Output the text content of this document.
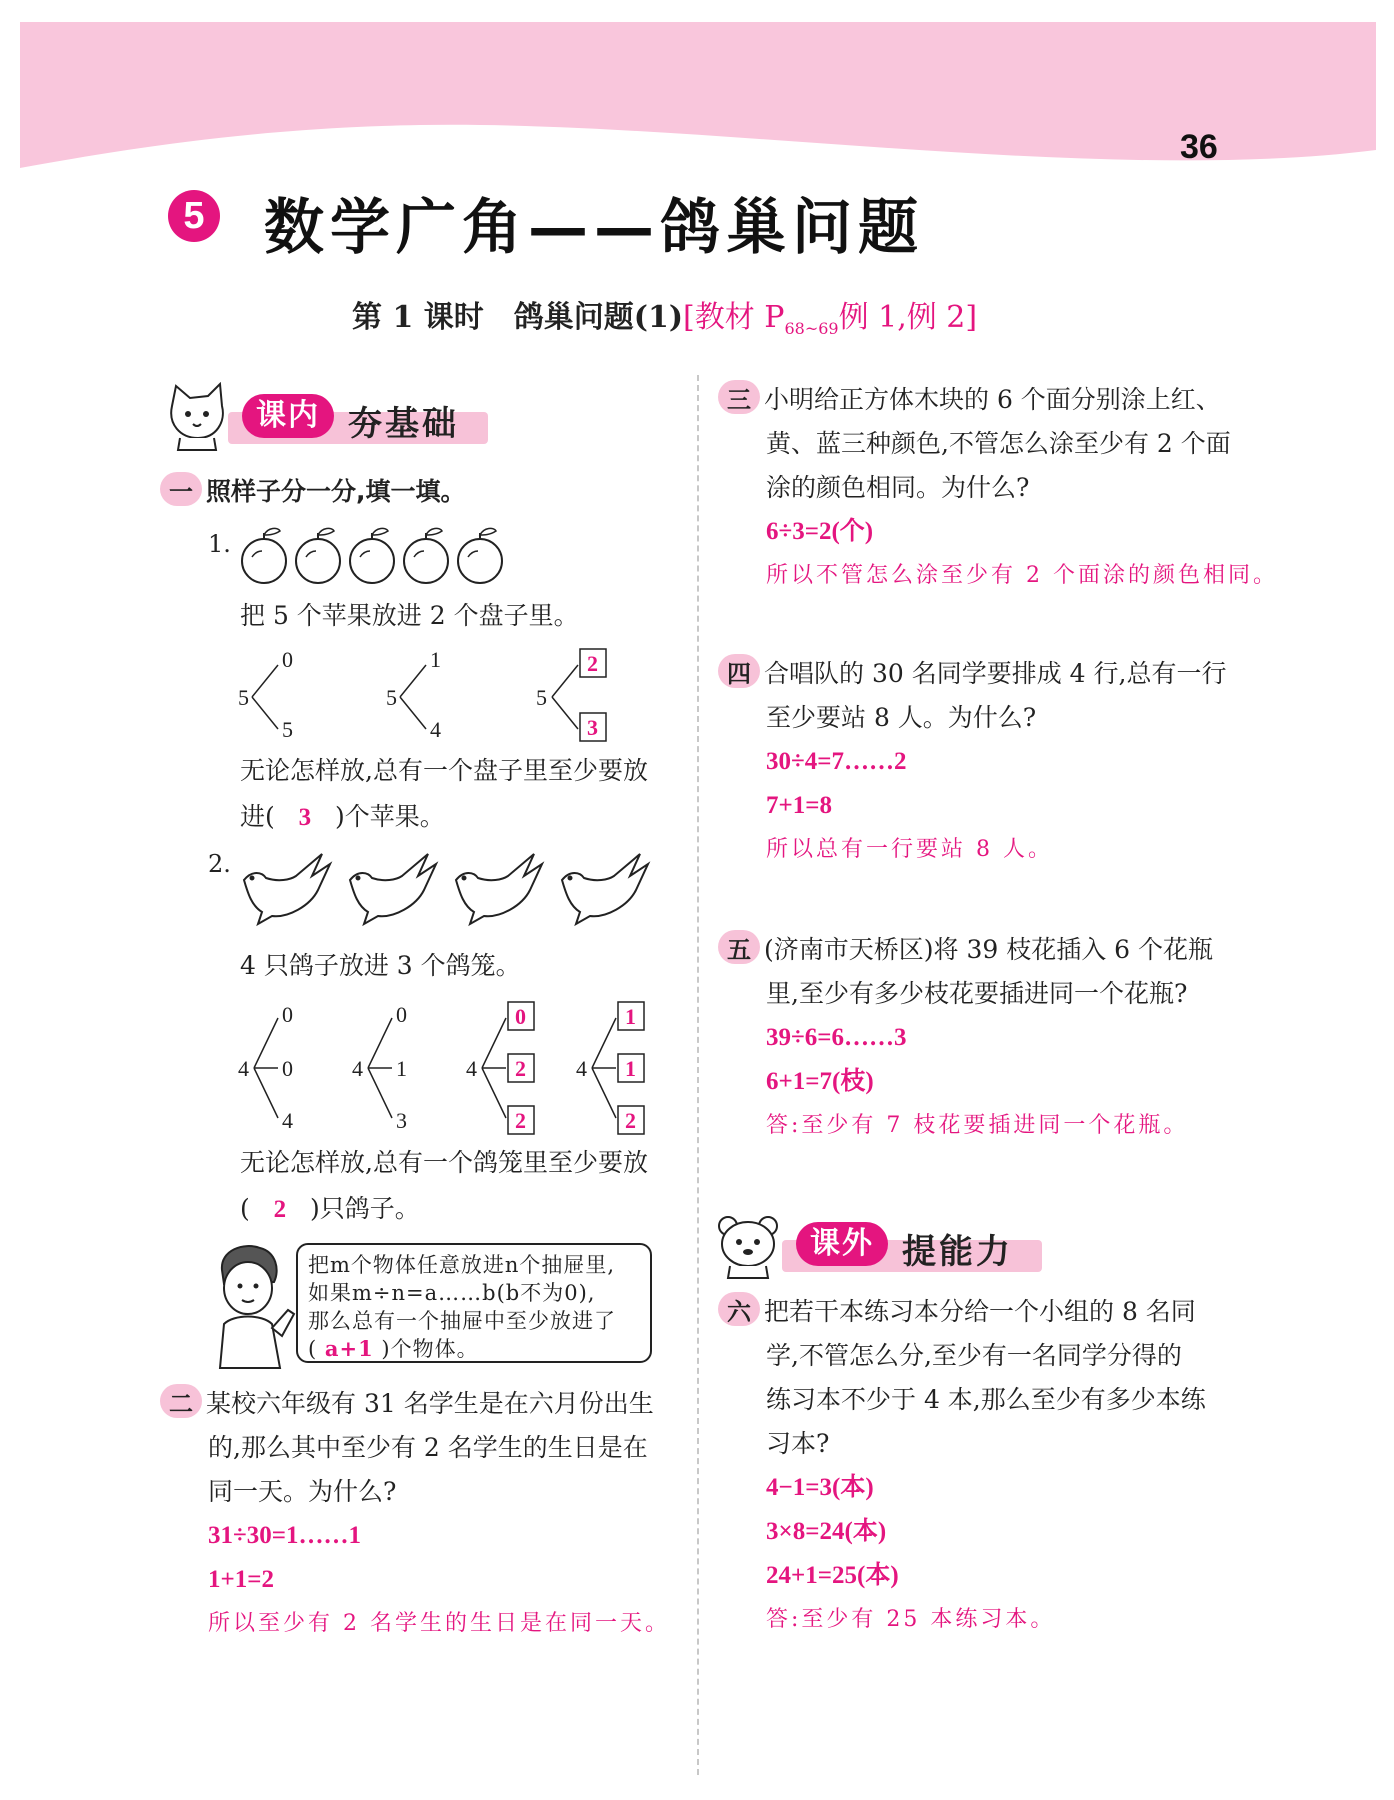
36
5 数学广角——鸽巢问题
第 1 课时　鸽巢问题(1)[教材 $P_{68\sim 69}$例 1,例 2]
课内 夯基础
一 照样子分一分,填一填。
1.
把 5 个苹果放进 2 个盘子里。
5
0
5
5
1
4
5
2
3
无论怎样放,总有一个盘子里至少要放
进( 3 )个苹果。
2.
4 只鸽子放进 3 个鸽笼。
4
0
0
4
4
0
1
3
4	4
0
2
2
1
1
2
无论怎样放,总有一个鸽笼里至少要放
( 2 )只鸽子。
把m个物体任意放进n个抽屉里,
如果m÷n=a……b(b不为0),
那么总有一个抽屉中至少放进了
( a+1 )个物体。
二 某校六年级有 31 名学生是在六月份出生
的,那么其中至少有 2 名学生的生日是在
同一天。为什么?
31÷30=1……1
1+1=2
所以至少有 2 名学生的生日是在同一天。
三 小明给正方体木块的 6 个面分别涂上红、
黄、蓝三种颜色,不管怎么涂至少有 2 个面
涂的颜色相同。为什么?
6÷3=2(个)
所以不管怎么涂至少有 2 个面涂的颜色相同。
四 合唱队的 30 名同学要排成 4 行,总有一行
至少要站 8 人。为什么?
30÷4=7……2
7+1=8
所以总有一行要站 8 人。
五 (济南市天桥区)将 39 枝花插入 6 个花瓶
里,至少有多少枝花要插进同一个花瓶?
39÷6=6……3
6+1=7(枝)
答:至少有 7 枝花要插进同一个花瓶。
课外 提能力
六 把若干本练习本分给一个小组的 8 名同
学,不管怎么分,至少有一名同学分得的
练习本不少于 4 本,那么至少有多少本练
习本?
4−1=3(本)
3×8=24(本)
24+1=25(本)
答:至少有 25 本练习本。
